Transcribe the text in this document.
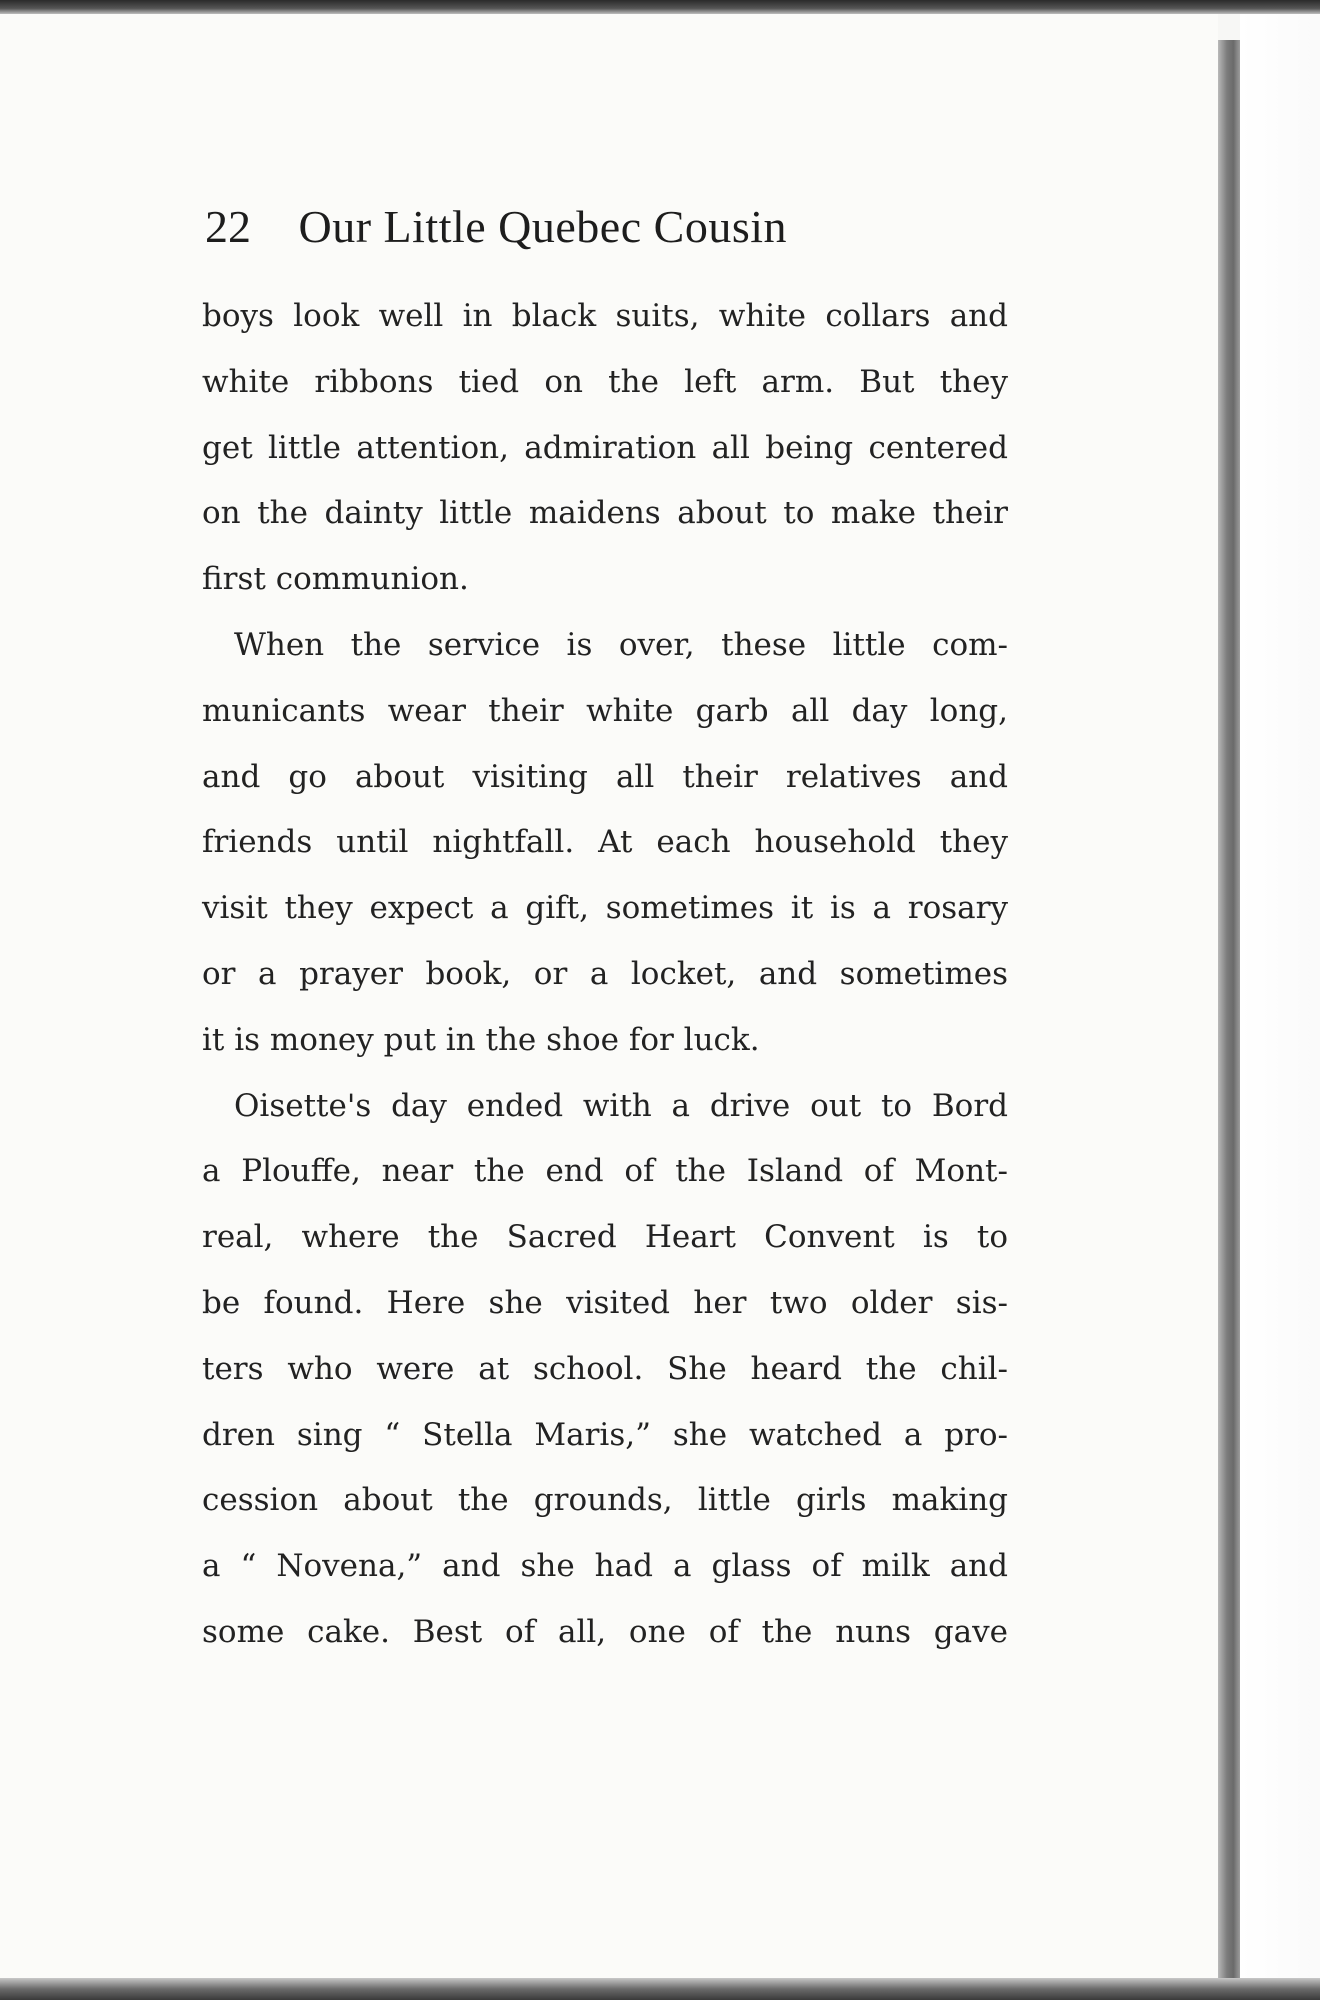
22 Our Little Quebec Cousin
boys look well in black suits, white collars and
white ribbons tied on the left arm. But they
get little attention, admiration all being centered
on the dainty little maidens about to make their
first communion.
When the service is over, these little com-
municants wear their white garb all day long,
and go about visiting all their relatives and
friends until nightfall. At each household they
visit they expect a gift, sometimes it is a rosary
or a prayer book, or a locket, and sometimes
it is money put in the shoe for luck.
Oisette's day ended with a drive out to Bord
a Plouffe, near the end of the Island of Mont-
real, where the Sacred Heart Convent is to
be found. Here she visited her two older sis-
ters who were at school. She heard the chil-
dren sing “ Stella Maris,” she watched a pro-
cession about the grounds, little girls making
a “ Novena,” and she had a glass of milk and
some cake. Best of all, one of the nuns gave
